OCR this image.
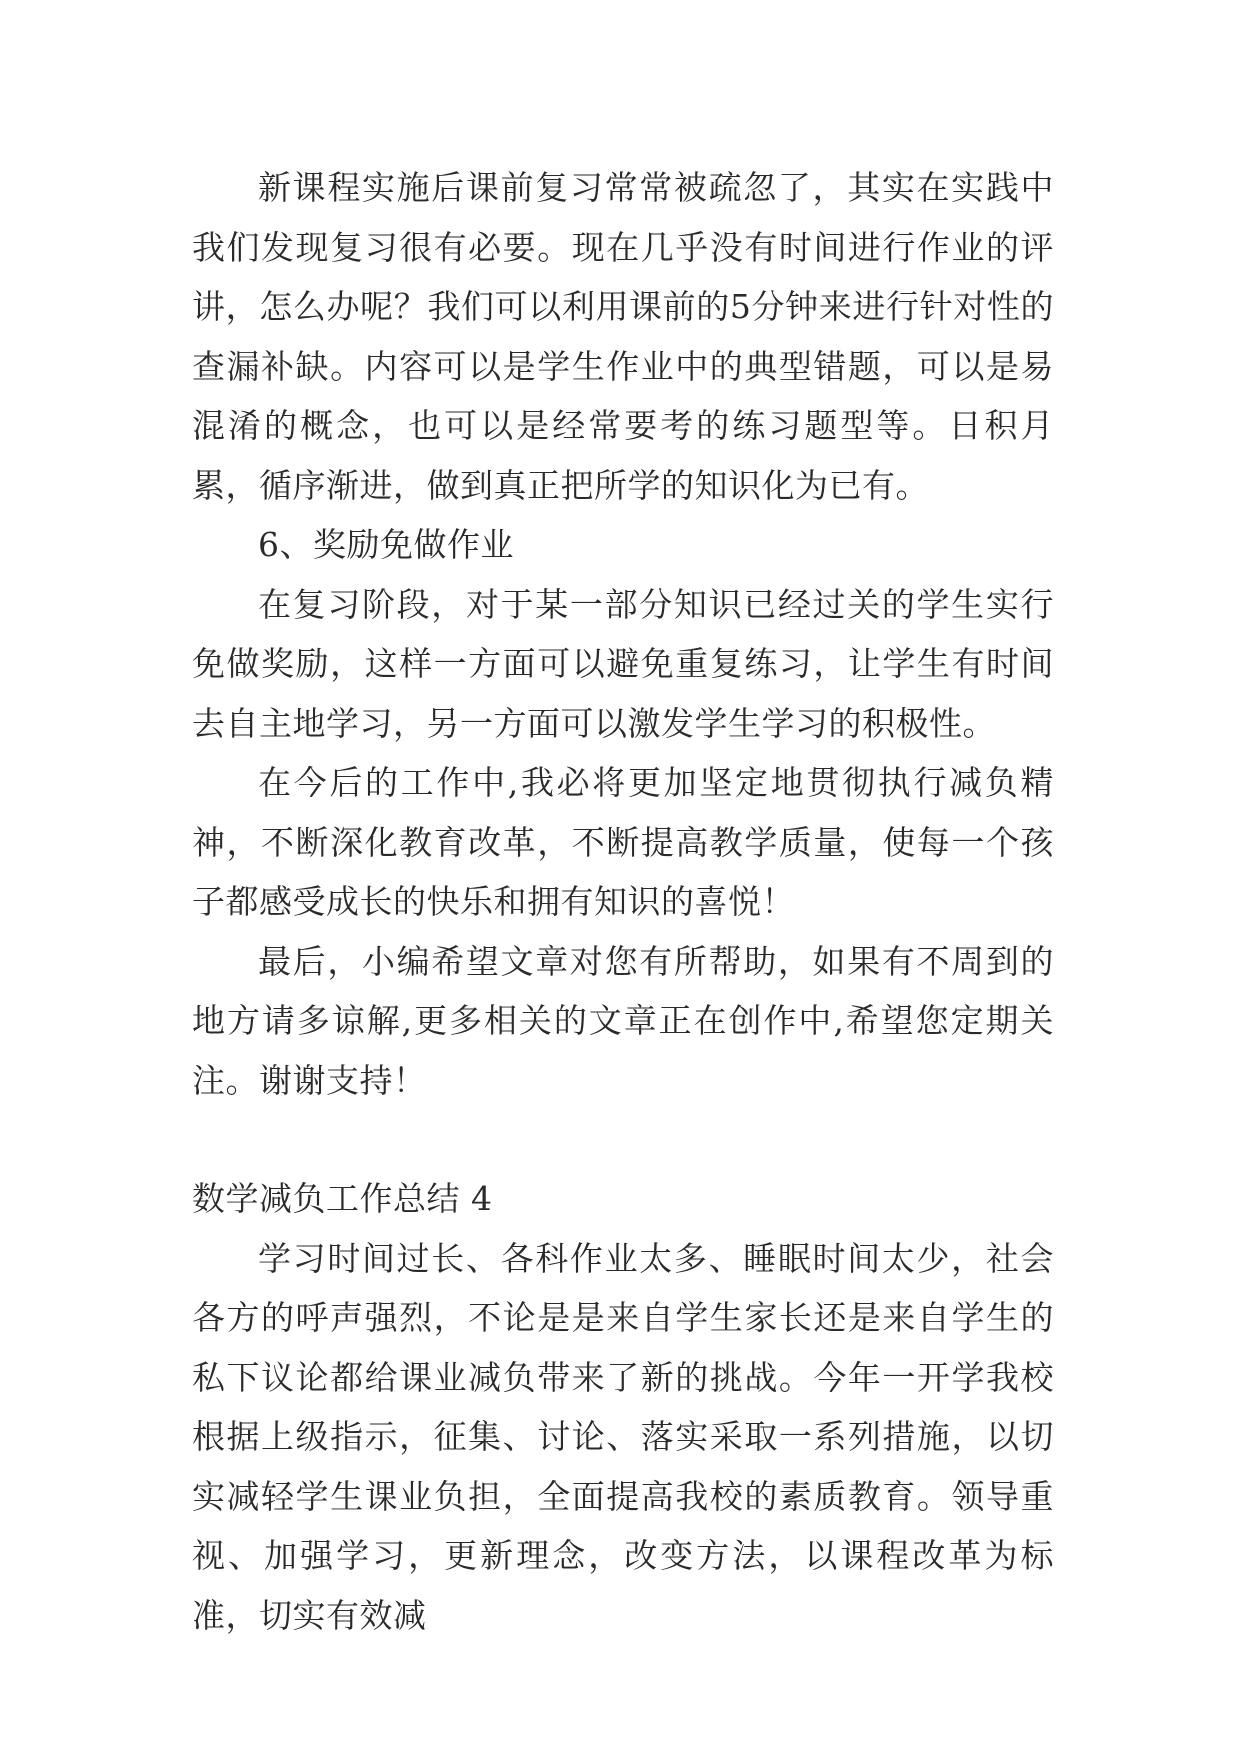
新课程实施后课前复习常常被疏忽了，其实在实践中我们发现复习很有必要。现在几乎没有时间进行作业的评讲，怎么办呢？我们可以利用课前的5分钟来进行针对性的查漏补缺。内容可以是学生作业中的典型错题，可以是易混淆的概念，也可以是经常要考的练习题型等。日积月累，循序渐进，做到真正把所学的知识化为已有。

6、奖励免做作业

在复习阶段，对于某一部分知识已经过关的学生实行免做奖励，这样一方面可以避免重复练习，让学生有时间去自主地学习，另一方面可以激发学生学习的积极性。

在今后的工作中,我必将更加坚定地贯彻执行减负精神，不断深化教育改革，不断提高教学质量，使每一个孩子都感受成长的快乐和拥有知识的喜悦！

最后，小编希望文章对您有所帮助，如果有不周到的地方请多谅解,更多相关的文章正在创作中,希望您定期关注。谢谢支持！

数学减负工作总结 4

学习时间过长、各科作业太多、睡眠时间太少，社会各方的呼声强烈，不论是是来自学生家长还是来自学生的私下议论都给课业减负带来了新的挑战。今年一开学我校根据上级指示，征集、讨论、落实采取一系列措施，以切实减轻学生课业负担，全面提高我校的素质教育。领导重视、加强学习，更新理念，改变方法，以课程改革为标准，切实有效减
